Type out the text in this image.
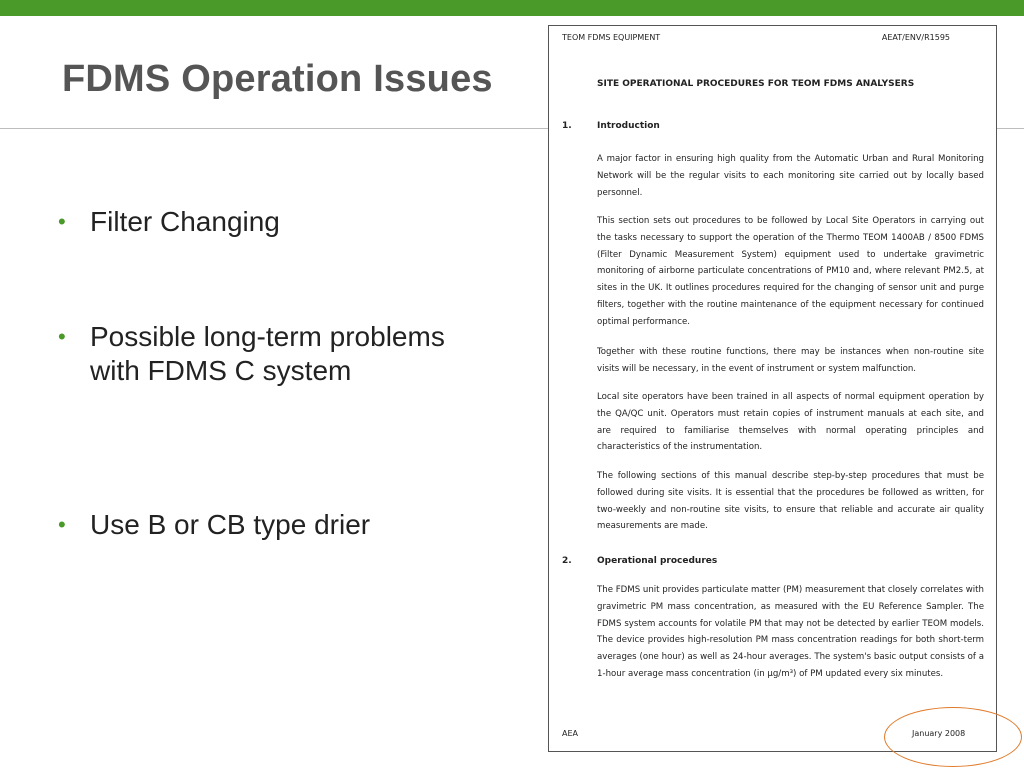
FDMS Operation Issues
• Filter Changing
• Possible long-term problems with FDMS C system
• Use B or CB type drier
TEOM FDMS EQUIPMENT	AEAT/ENV/R1595
SITE OPERATIONAL PROCEDURES FOR TEOM FDMS ANALYSERS
1.	Introduction
A major factor in ensuring high quality from the Automatic Urban and Rural Monitoring Network will be the regular visits to each monitoring site carried out by locally based personnel.
This section sets out procedures to be followed by Local Site Operators in carrying out the tasks necessary to support the operation of the Thermo TEOM 1400AB / 8500 FDMS (Filter Dynamic Measurement System) equipment used to undertake gravimetric monitoring of airborne particulate concentrations of PM10 and, where relevant PM2.5, at sites in the UK. It outlines procedures required for the changing of sensor unit and purge filters, together with the routine maintenance of the equipment necessary for continued optimal performance.
Together with these routine functions, there may be instances when non-routine site visits will be necessary, in the event of instrument or system malfunction.
Local site operators have been trained in all aspects of normal equipment operation by the QA/QC unit. Operators must retain copies of instrument manuals at each site, and are required to familiarise themselves with normal operating principles and characteristics of the instrumentation.
The following sections of this manual describe step-by-step procedures that must be followed during site visits. It is essential that the procedures be followed as written, for two-weekly and non-routine site visits, to ensure that reliable and accurate air quality measurements are made.
2.	Operational procedures
The FDMS unit provides particulate matter (PM) measurement that closely correlates with gravimetric PM mass concentration, as measured with the EU Reference Sampler. The FDMS system accounts for volatile PM that may not be detected by earlier TEOM models. The device provides high-resolution PM mass concentration readings for both short-term averages (one hour) as well as 24-hour averages. The system's basic output consists of a 1-hour average mass concentration (in µg/m³) of PM updated every six minutes.
AEA	January 2008
